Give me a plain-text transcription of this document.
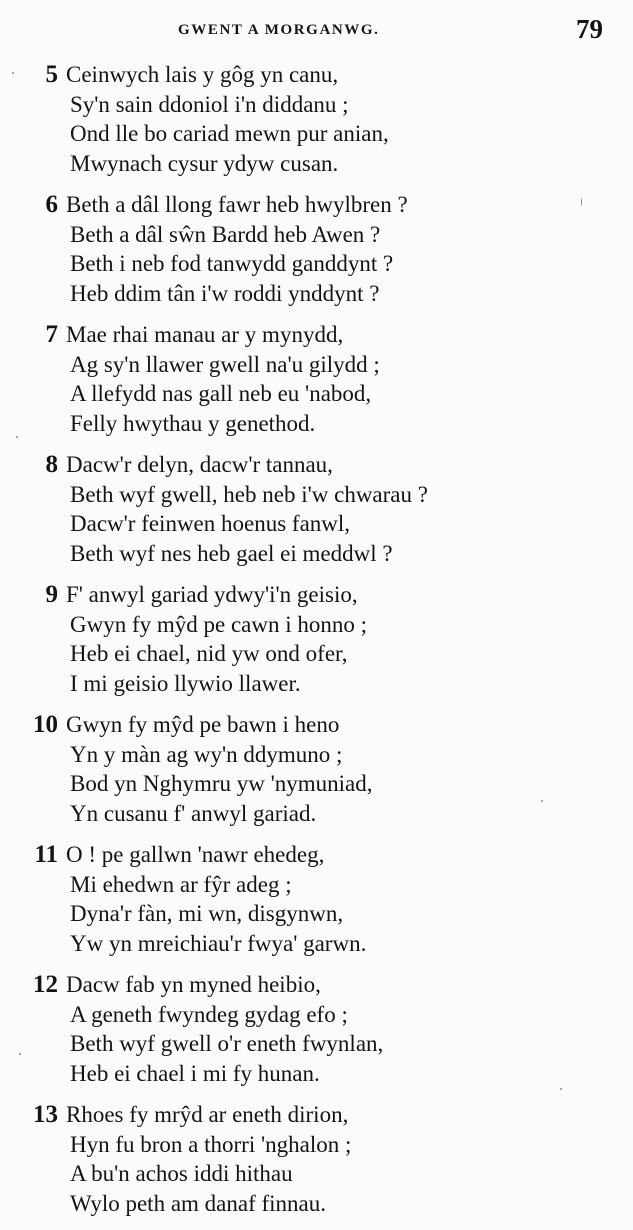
GWENT A MORGANWG.	79
5 Ceinwych lais y gôg yn canu,
Sy'n sain ddoniol i'n diddanu ;
Ond lle bo cariad mewn pur anian,
Mwynach cysur ydyw cusan.
6 Beth a dâl llong fawr heb hwylbren ?
Beth a dâl sŵn Bardd heb Awen ?
Beth i neb fod tanwydd ganddynt ?
Heb ddim tân i'w roddi ynddynt ?
7 Mae rhai manau ar y mynydd,
Ag sy'n llawer gwell na'u gilydd ;
A llefydd nas gall neb eu 'nabod,
Felly hwythau y genethod.
8 Dacw'r delyn, dacw'r tannau,
Beth wyf gwell, heb neb i'w chwarau ?
Dacw'r feinwen hoenus fanwl,
Beth wyf nes heb gael ei meddwl ?
9 F' anwyl gariad ydwy'i'n geisio,
Gwyn fy mŷd pe cawn i honno ;
Heb ei chael, nid yw ond ofer,
I mi geisio llywio llawer.
10 Gwyn fy mŷd pe bawn i heno
Yn y màn ag wy'n ddymuno ;
Bod yn Nghymru yw 'nymuniad,
Yn cusanu f' anwyl gariad.
11 O ! pe gallwn 'nawr ehedeg,
Mi ehedwn ar fŷr adeg ;
Dyna'r fàn, mi wn, disgynwn,
Yw yn mreichiau'r fwya' garwn.
12 Dacw fab yn myned heibio,
A geneth fwyndeg gydag efo ;
Beth wyf gwell o'r eneth fwynlan,
Heb ei chael i mi fy hunan.
13 Rhoes fy mrŷd ar eneth dirion,
Hyn fu bron a thorri 'nghalon ;
A bu'n achos iddi hithau
Wylo peth am danaf finnau.
